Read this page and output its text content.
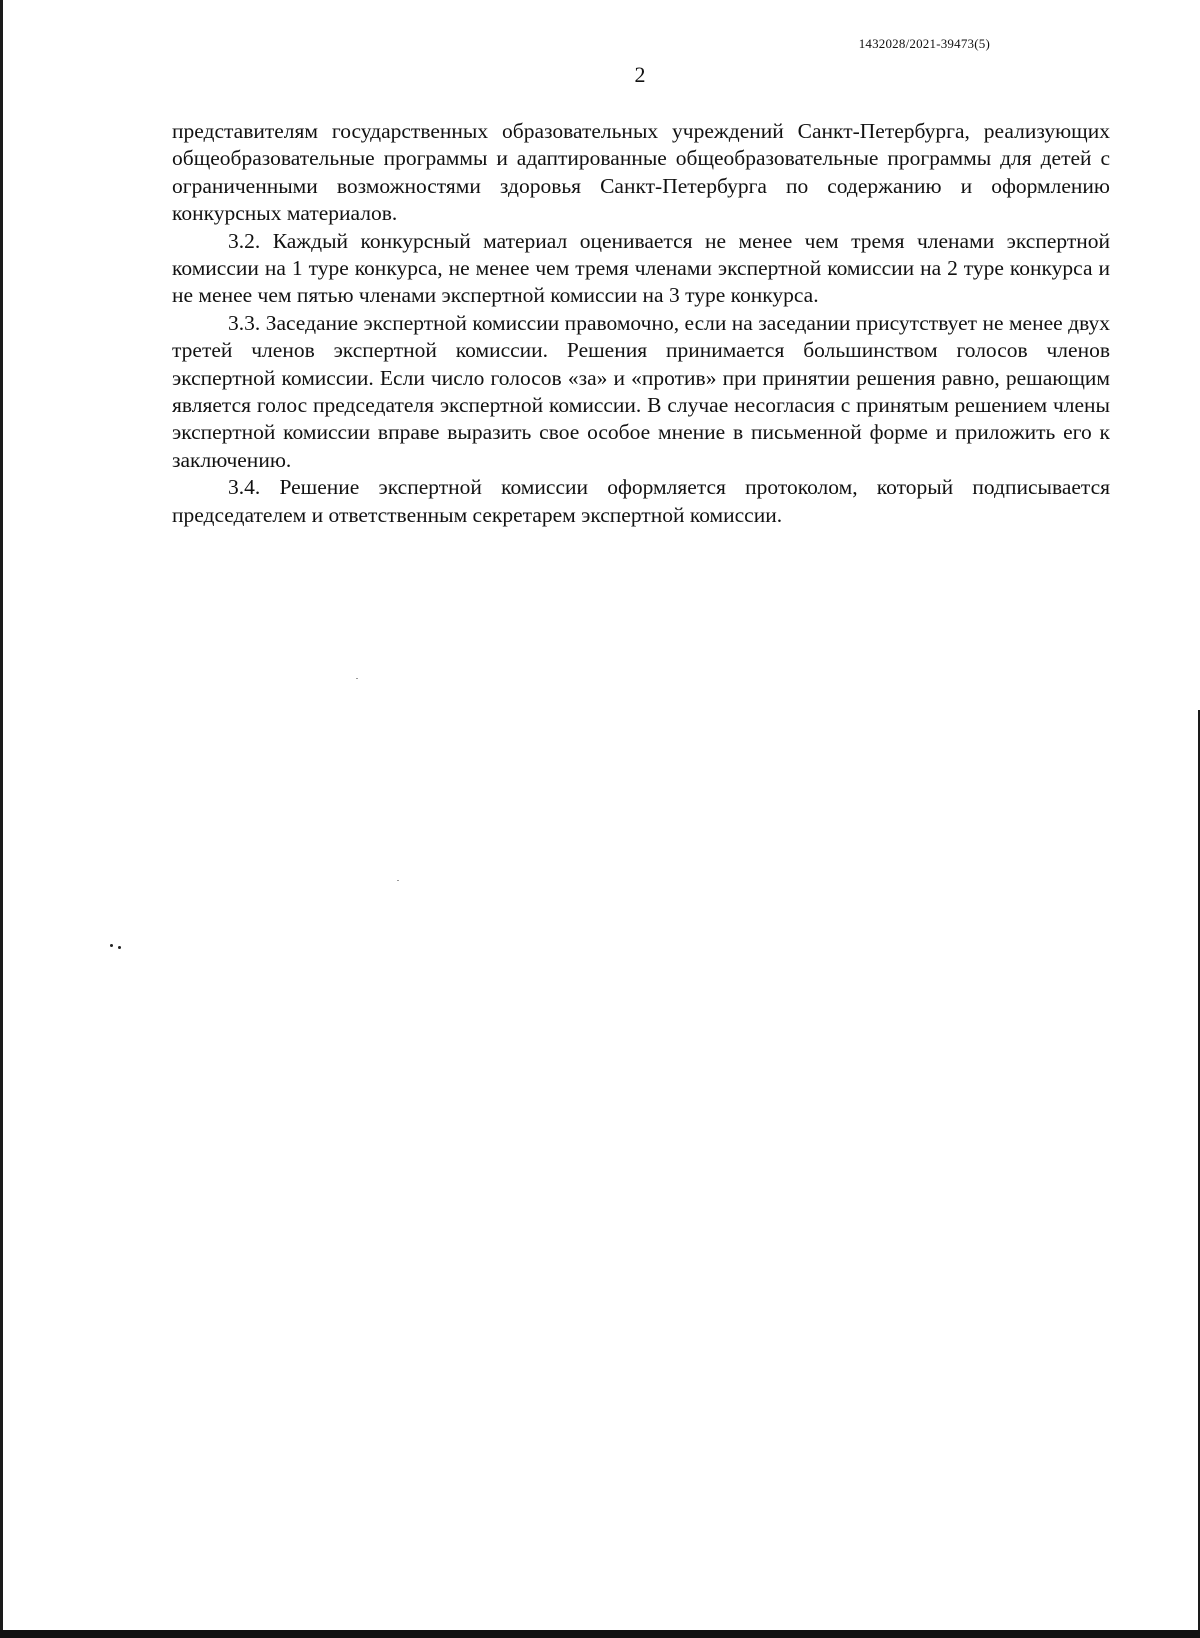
1432028/2021-39473(5)
2

представителям государственных образовательных учреждений Санкт-Петербурга, реализующих общеобразовательные программы и адаптированные общеобразовательные программы для детей с ограниченными возможностями здоровья Санкт-Петербурга по содержанию и оформлению конкурсных материалов.

3.2. Каждый конкурсный материал оценивается не менее чем тремя членами экспертной комиссии на 1 туре конкурса, не менее чем тремя членами экспертной комиссии на 2 туре конкурса и не менее чем пятью членами экспертной комиссии на 3 туре конкурса.

3.3. Заседание экспертной комиссии правомочно, если на заседании присутствует не менее двух третей членов экспертной комиссии. Решения принимается большинством голосов членов экспертной комиссии. Если число голосов «за» и «против» при принятии решения равно, решающим является голос председателя экспертной комиссии. В случае несогласия с принятым решением члены экспертной комиссии вправе выразить свое особое мнение в письменной форме и приложить его к заключению.

3.4. Решение экспертной комиссии оформляется протоколом, который подписывается председателем и ответственным секретарем экспертной комиссии.
